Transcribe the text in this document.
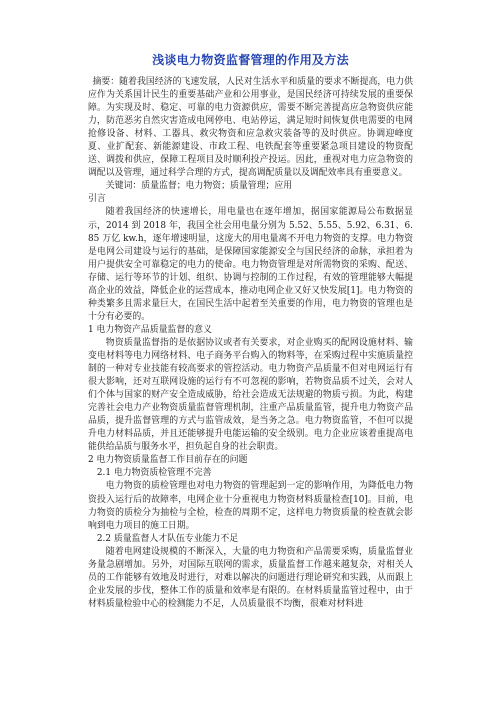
浅谈电力物资监督管理的作用及方法

摘要：随着我国经济的飞速发展，人民对生活水平和质量的要求不断提高，电力供应作为关系国计民生的重要基础产业和公用事业，是国民经济可持续发展的重要保障。为实现及时、稳定、可靠的电力资源供应，需要不断完善提高应急物资供应能力，防范恶劣自然灾害造成电网停电、电站停运，满足短时间恢复供电需要的电网抢修设备、材料、工器具、救灾物资和应急救灾装备等的及时供应。协调迎峰度夏、业扩配套、新能源建设、市政工程、电铁配套等重要紧急项目建设的物资配送、调拨和供应，保障工程项目及时顺利投产投运。因此，重视对电力应急物资的调配以及管理，通过科学合理的方式，提高调配质量以及调配效率具有重要意义。

关键词：质量监督；电力物资；质量管理；应用

引言

随着我国经济的快速增长，用电量也在逐年增加，据国家能源局公布数据显示，2014 到 2018 年，我国全社会用电量分别为 5.52、5.55、5.92、6.31、6.85 万亿 kw.h，逐年增速明显，这庞大的用电量离不开电力物资的支撑。电力物资是电网公司建设与运行的基础，是保障国家能源安全与国民经济的命脉，承担着为用户提供安全可靠稳定的电力的使命。电力物资管理是对所需物资的采购、配送、存储、运行等环节的计划、组织、协调与控制的工作过程，有效的管理能够大幅提高企业的效益，降低企业的运营成本，推动电网企业又好又快发展[1]。电力物资的种类繁多且需求量巨大，在国民生活中起着至关重要的作用，电力物资的管理也是十分有必要的。

1 电力物资产品质量监督的意义

物资质量监督指的是依据协议或者有关要求，对企业购买的配网设施材料、输变电材料等电力网络材料、电子商务平台购入的物料等，在采购过程中实施质量控制的一种对专业技能有较高要求的管控活动。电力物资产品质量不但对电网运行有很大影响，还对互联网设施的运行有不可忽视的影响，若物资品质不过关，会对人们个体与国家的财产安全造成威胁，给社会造成无法规避的物质亏损。为此，构建完善社会电力产业物资质量监督管理机制，注重产品质量监管，提升电力物资产品品质，提升监督管理的方式与监管成效，是当务之急。电力物资监管，不但可以提升电力材料品质，并且还能够提升电能运输的安全级别。电力企业应该着重提高电能供给品质与服务水平，担负起自身的社会职责。

2 电力物资质量监督工作目前存在的问题

2.1 电力物资质检管理不完善

电力物资的质检管理也对电力物资的管理起到一定的影响作用，为降低电力物资投入运行后的故障率，电网企业十分重视电力物资材料质量检查[10]。目前，电力物资的质检分为抽检与全检，检查的周期不定，这样电力物资质量的检查就会影响到电力项目的施工日期。

2.2 质量监督人才队伍专业能力不足

随着电网建设规模的不断深入，大量的电力物资和产品需要采购，质量监督业务量急剧增加。另外，对国际互联网的需求，质量监督工作越来越复杂，对相关人员的工作能够有效地及时进行，对难以解决的问题进行理论研究和实践，从而跟上企业发展的步伐，整体工作的质量和效率是有限的。在材料质量监管过程中，由于材料质量检验中心的检测能力不足，人员质量很不均衡，很难对材料进
